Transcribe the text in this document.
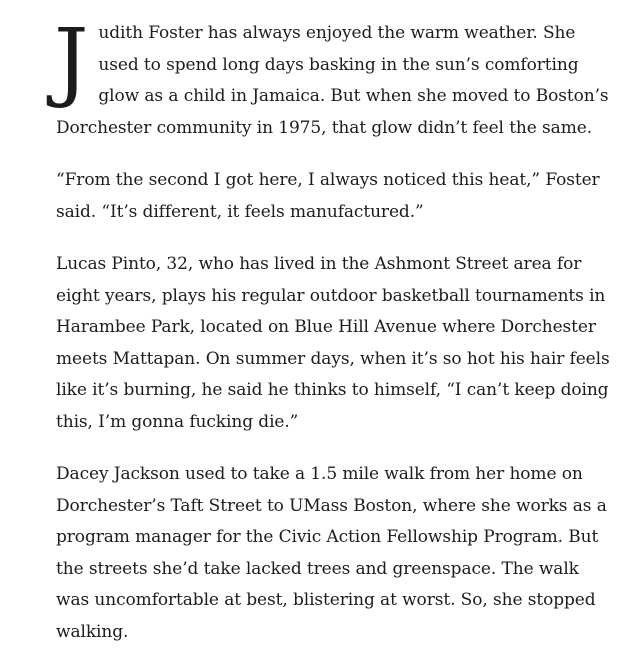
Judith Foster has always enjoyed the warm weather. She used to spend long days basking in the sun’s comforting glow as a child in Jamaica. But when she moved to Boston’s Dorchester community in 1975, that glow didn’t feel the same.

“From the second I got here, I always noticed this heat,” Foster said. “It’s different, it feels manufactured.”

Lucas Pinto, 32, who has lived in the Ashmont Street area for eight years, plays his regular outdoor basketball tournaments in Harambee Park, located on Blue Hill Avenue where Dorchester meets Mattapan. On summer days, when it’s so hot his hair feels like it’s burning, he said he thinks to himself, “I can’t keep doing this, I’m gonna fucking die.”

Dacey Jackson used to take a 1.5 mile walk from her home on Dorchester’s Taft Street to UMass Boston, where she works as a program manager for the Civic Action Fellowship Program. But the streets she’d take lacked trees and greenspace. The walk was uncomfortable at best, blistering at worst. So, she stopped walking.
